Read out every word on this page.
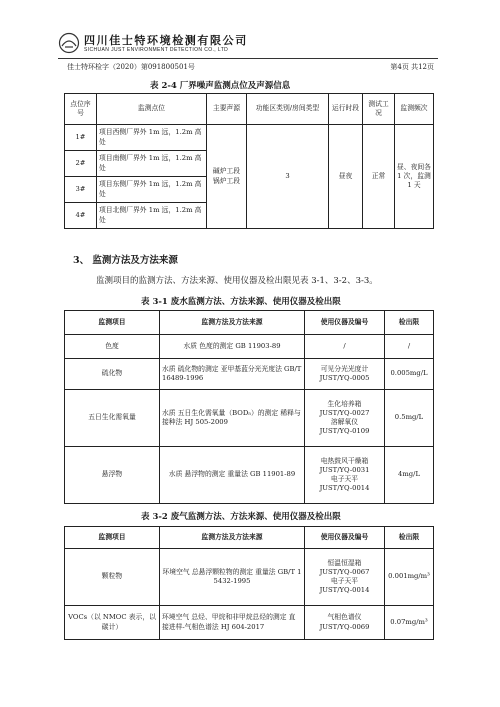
四川佳士特环境检测有限公司
SICHUAN JUST ENVIRONMENT DETECTION CO., LTD
佳士特环检字（2020）第091800501号	第4页 共12页
表 2-4 厂界噪声监测点位及声源信息
点位序号	监测点位	主要声源	功能区类别/房间类型	运行时段	测试工况	监测频次
1#	项目西侧厂界外 1m 远，1.2m 高处	碱炉工段
锅炉工段	3	昼夜	正常	昼、夜间各 1 次，监测 1 天
2#	项目南侧厂界外 1m 远，1.2m 高处					
3#	项目东侧厂界外 1m 远，1.2m 高处					
4#	项目北侧厂界外 1m 远，1.2m 高处					
3、 监测方法及方法来源
监测项目的监测方法、方法来源、使用仪器及检出限见表 3-1、3-2、3-3。
表 3-1 废水监测方法、方法来源、使用仪器及检出限
监测项目	监测方法及方法来源	使用仪器及编号	检出限
色度	水质 色度的测定 GB 11903-89	/	/
硫化物	水质 硫化物的测定 亚甲基蓝分光光度法 GB/T 16489-1996	可见分光光度计
JUST/YQ-0005	0.005mg/L
五日生化需氧量	水质 五日生化需氧量（BOD₅）的测定 稀释与接种法 HJ 505-2009	生化培养箱
JUST/YQ-0027
溶解氧仪
JUST/YQ-0109	0.5mg/L
悬浮物	水质 悬浮物的测定 重量法 GB 11901-89	电热鼓风干燥箱
JUST/YQ-0031
电子天平
JUST/YQ-0014	4mg/L
表 3-2 废气监测方法、方法来源、使用仪器及检出限
监测项目	监测方法及方法来源	使用仪器及编号	检出限
颗粒物	环境空气 总悬浮颗粒物的测定 重量法 GB/T 15432-1995	恒温恒湿箱
JUST/YQ-0067
电子天平
JUST/YQ-0014	0.001mg/m³
VOCs（以 NMOC 表示，以碳计）	环境空气 总烃、甲烷和非甲烷总烃的测定 直接进样-气相色谱法 HJ 604-2017	气相色谱仪
JUST/YQ-0069	0.07mg/m³
